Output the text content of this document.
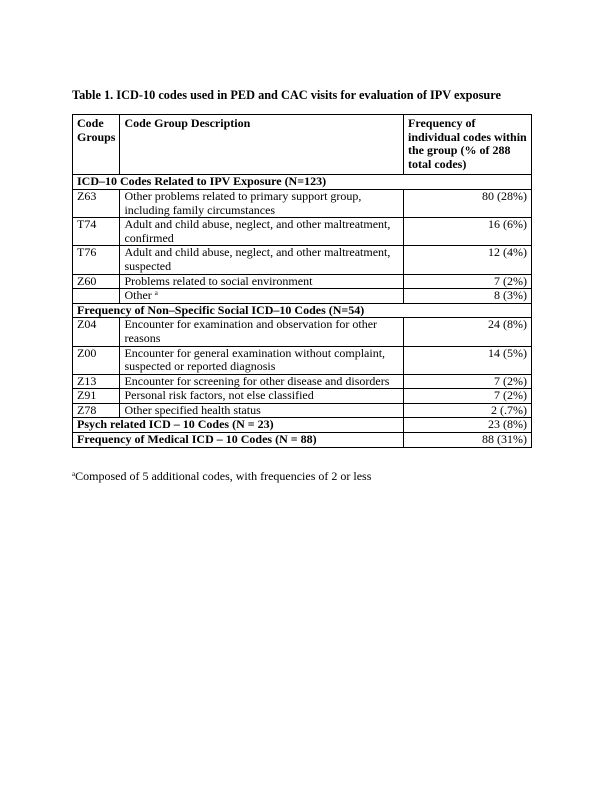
Table 1. ICD-10 codes used in PED and CAC visits for evaluation of IPV exposure
Code Groups	Code Group Description	Frequency of individual codes within the group (% of 288 total codes)
ICD–10 Codes Related to IPV Exposure (N=123)		
Z63	Other problems related to primary support group, including family circumstances	80 (28%)
T74	Adult and child abuse, neglect, and other maltreatment, confirmed	16 (6%)
T76	Adult and child abuse, neglect, and other maltreatment, suspected	12 (4%)
Z60	Problems related to social environment	7 (2%)
	Other $^a$	8 (3%)
Frequency of Non–Specific Social ICD–10 Codes (N=54)		
Z04	Encounter for examination and observation for other reasons	24 (8%)
Z00	Encounter for general examination without complaint, suspected or reported diagnosis	14 (5%)
Z13	Encounter for screening for other disease and disorders	7 (2%)
Z91	Personal risk factors, not else classified	7 (2%)
Z78	Other specified health status	2 (.7%)
Psych related ICD – 10 Codes (N = 23)		23 (8%)
Frequency of Medical ICD – 10 Codes (N = 88)		88 (31%)
$^a$Composed of 5 additional codes, with frequencies of 2 or less
